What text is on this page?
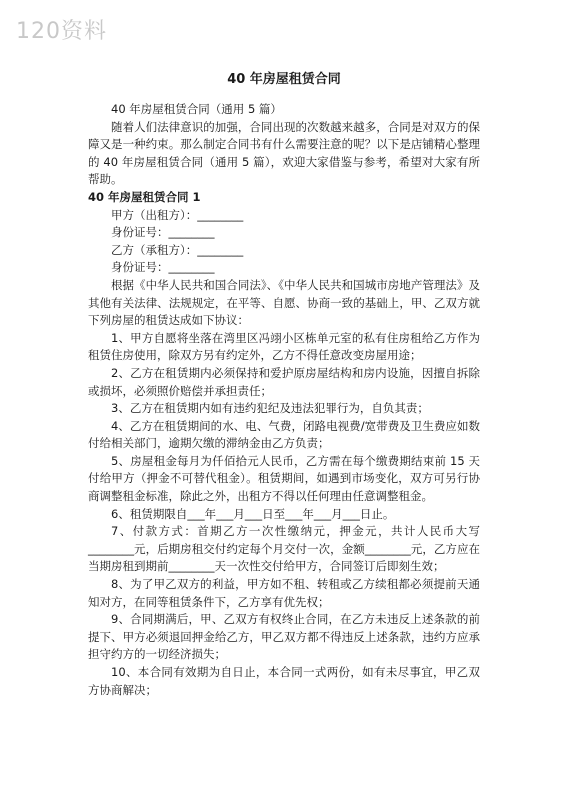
120资料
40 年房屋租赁合同

40 年房屋租赁合同（通用 5 篇）

随着人们法律意识的加强，合同出现的次数越来越多，合同是对双方的保障又是一种约束。那么制定合同书有什么需要注意的呢？以下是店铺精心整理的 40 年房屋租赁合同（通用 5 篇），欢迎大家借鉴与参考，希望对大家有所帮助。

40 年房屋租赁合同 1

甲方（出租方）：________

身份证号：________

乙方（承租方）：________

身份证号：________

根据《中华人民共和国合同法》、《中华人民共和国城市房地产管理法》及其他有关法律、法规规定，在平等、自愿、协商一致的基础上，甲、乙双方就下列房屋的租赁达成如下协议：

1、甲方自愿将坐落在湾里区冯翊小区栋单元室的私有住房租给乙方作为租赁住房使用，除双方另有约定外，乙方不得任意改变房屋用途；

2、乙方在租赁期内必须保持和爱护原房屋结构和房内设施，因擅自拆除或损坏，必须照价赔偿并承担责任；

3、乙方在租赁期内如有违约犯纪及违法犯罪行为，自负其责；

4、乙方在租赁期间的水、电、气费，闭路电视费/宽带费及卫生费应如数付给相关部门，逾期欠缴的滞纳金由乙方负责；

5、房屋租金每月为仟佰拾元人民币，乙方需在每个缴费期结束前 15 天付给甲方（押金不可替代租金）。租赁期间，如遇到市场变化，双方可另行协商调整租金标准，除此之外，出租方不得以任何理由任意调整租金。

6、租赁期限自___年___月___日至___年___月___日止。

7、付款方式：首期乙方一次性缴纳元，押金元，共计人民币大写________元，后期房租交付约定每个月交付一次，金额________元，乙方应在当期房租到期前________天一次性交付给甲方，合同签订后即刻生效；

8、为了甲乙双方的利益，甲方如不租、转租或乙方续租都必须提前天通知对方，在同等租赁条件下，乙方享有优先权；

9、合同期满后，甲、乙双方有权终止合同，在乙方未违反上述条款的前提下、甲方必须退回押金给乙方，甲乙双方都不得违反上述条款，违约方应承担守约方的一切经济损失；

10、本合同有效期为自日止，本合同一式两份，如有未尽事宜，甲乙双方协商解决；
